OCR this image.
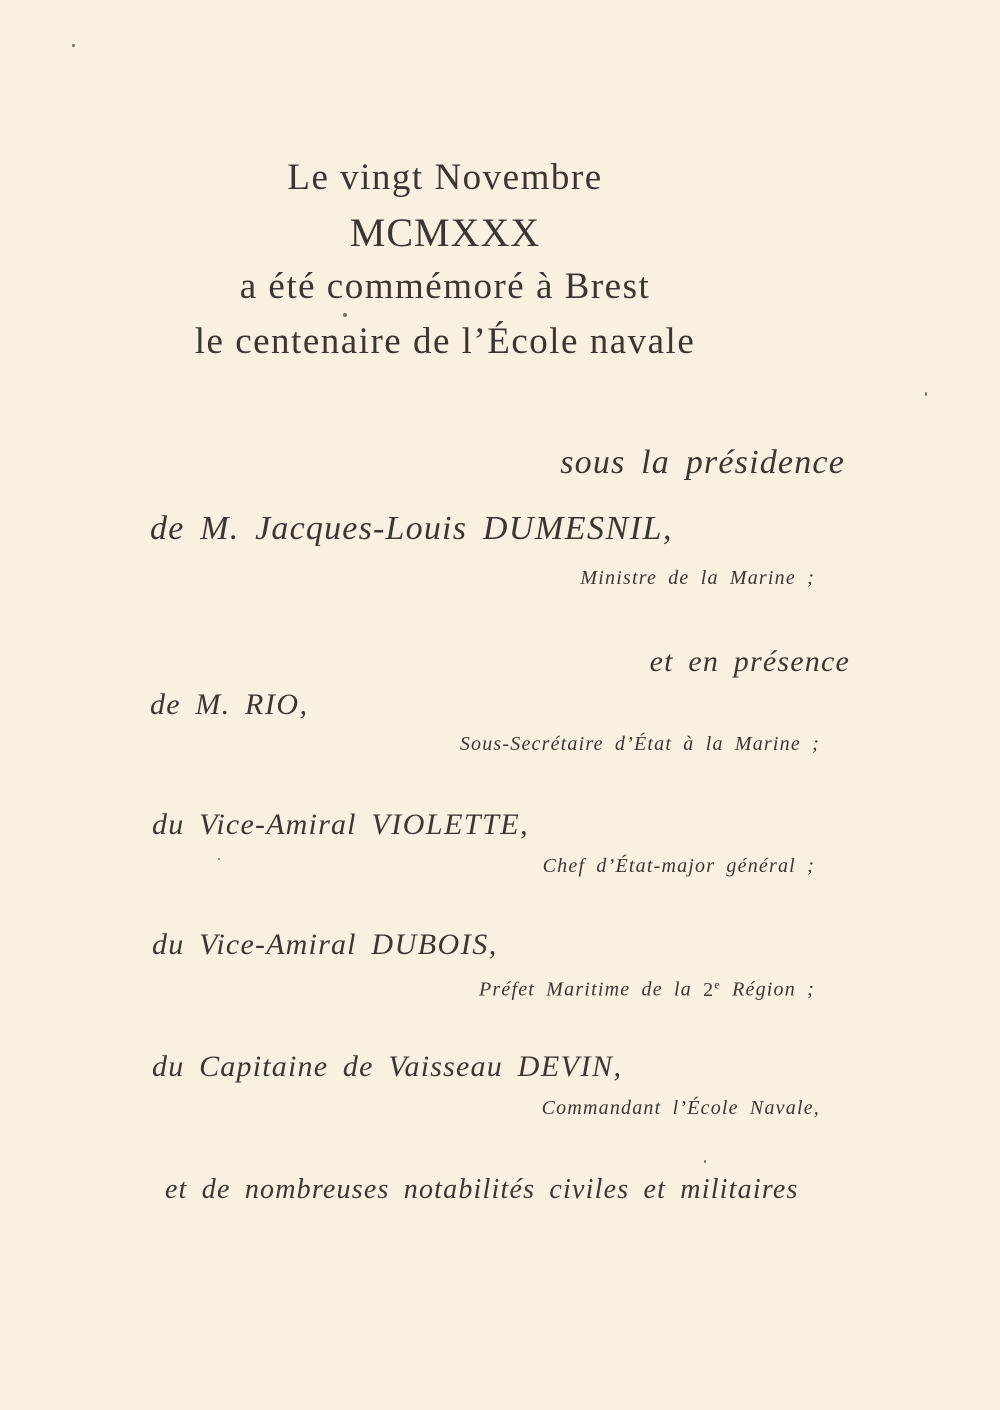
Le vingt Novembre
MCMXXX
a été commémoré à Brest
le centenaire de l’École navale
sous la présidence
de M. Jacques-Louis DUMESNIL,
Ministre de la Marine ;
et en présence
de M. RIO,
Sous-Secrétaire d’État à la Marine ;
du Vice-Amiral VIOLETTE,
Chef d’État-major général ;
du Vice-Amiral DUBOIS,
Préfet Maritime de la 2e Région ;
du Capitaine de Vaisseau DEVIN,
Commandant l’École Navale,
et de nombreuses notabilités civiles et militaires
